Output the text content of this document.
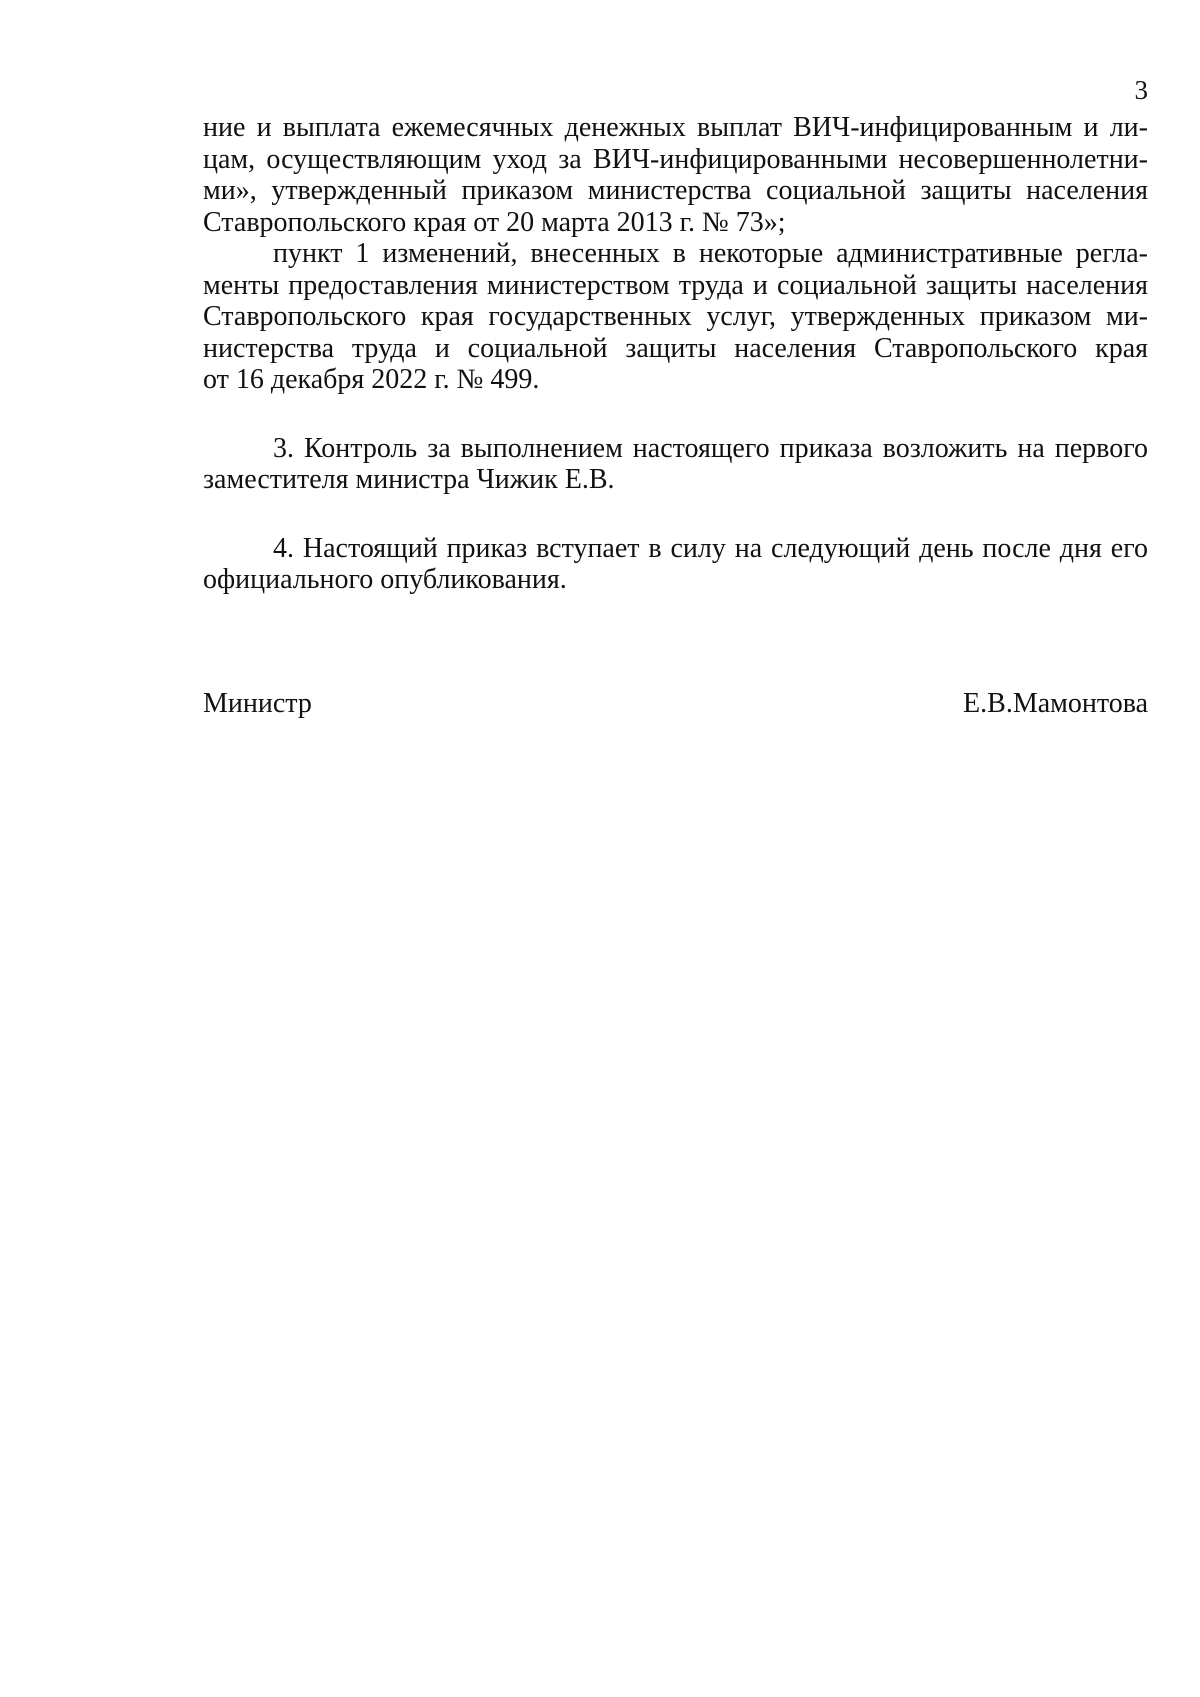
3

ние и выплата ежемесячных денежных выплат ВИЧ-инфицированным и ли-
цам, осуществляющим уход за ВИЧ-инфицированными несовершеннолетни-
ми», утвержденный приказом министерства социальной защиты населения
Ставропольского края от 20 марта 2013 г. № 73»;

пункт 1 изменений, внесенных в некоторые административные регла-
менты предоставления министерством труда и социальной защиты населения
Ставропольского края государственных услуг, утвержденных приказом ми-
нистерства труда и социальной защиты населения Ставропольского края
от 16 декабря 2022 г. № 499.

3. Контроль за выполнением настоящего приказа возложить на первого
заместителя министра Чижик Е.В.

4. Настоящий приказ вступает в силу на следующий день после дня его
официального опубликования.

Министр	Е.В.Мамонтова
